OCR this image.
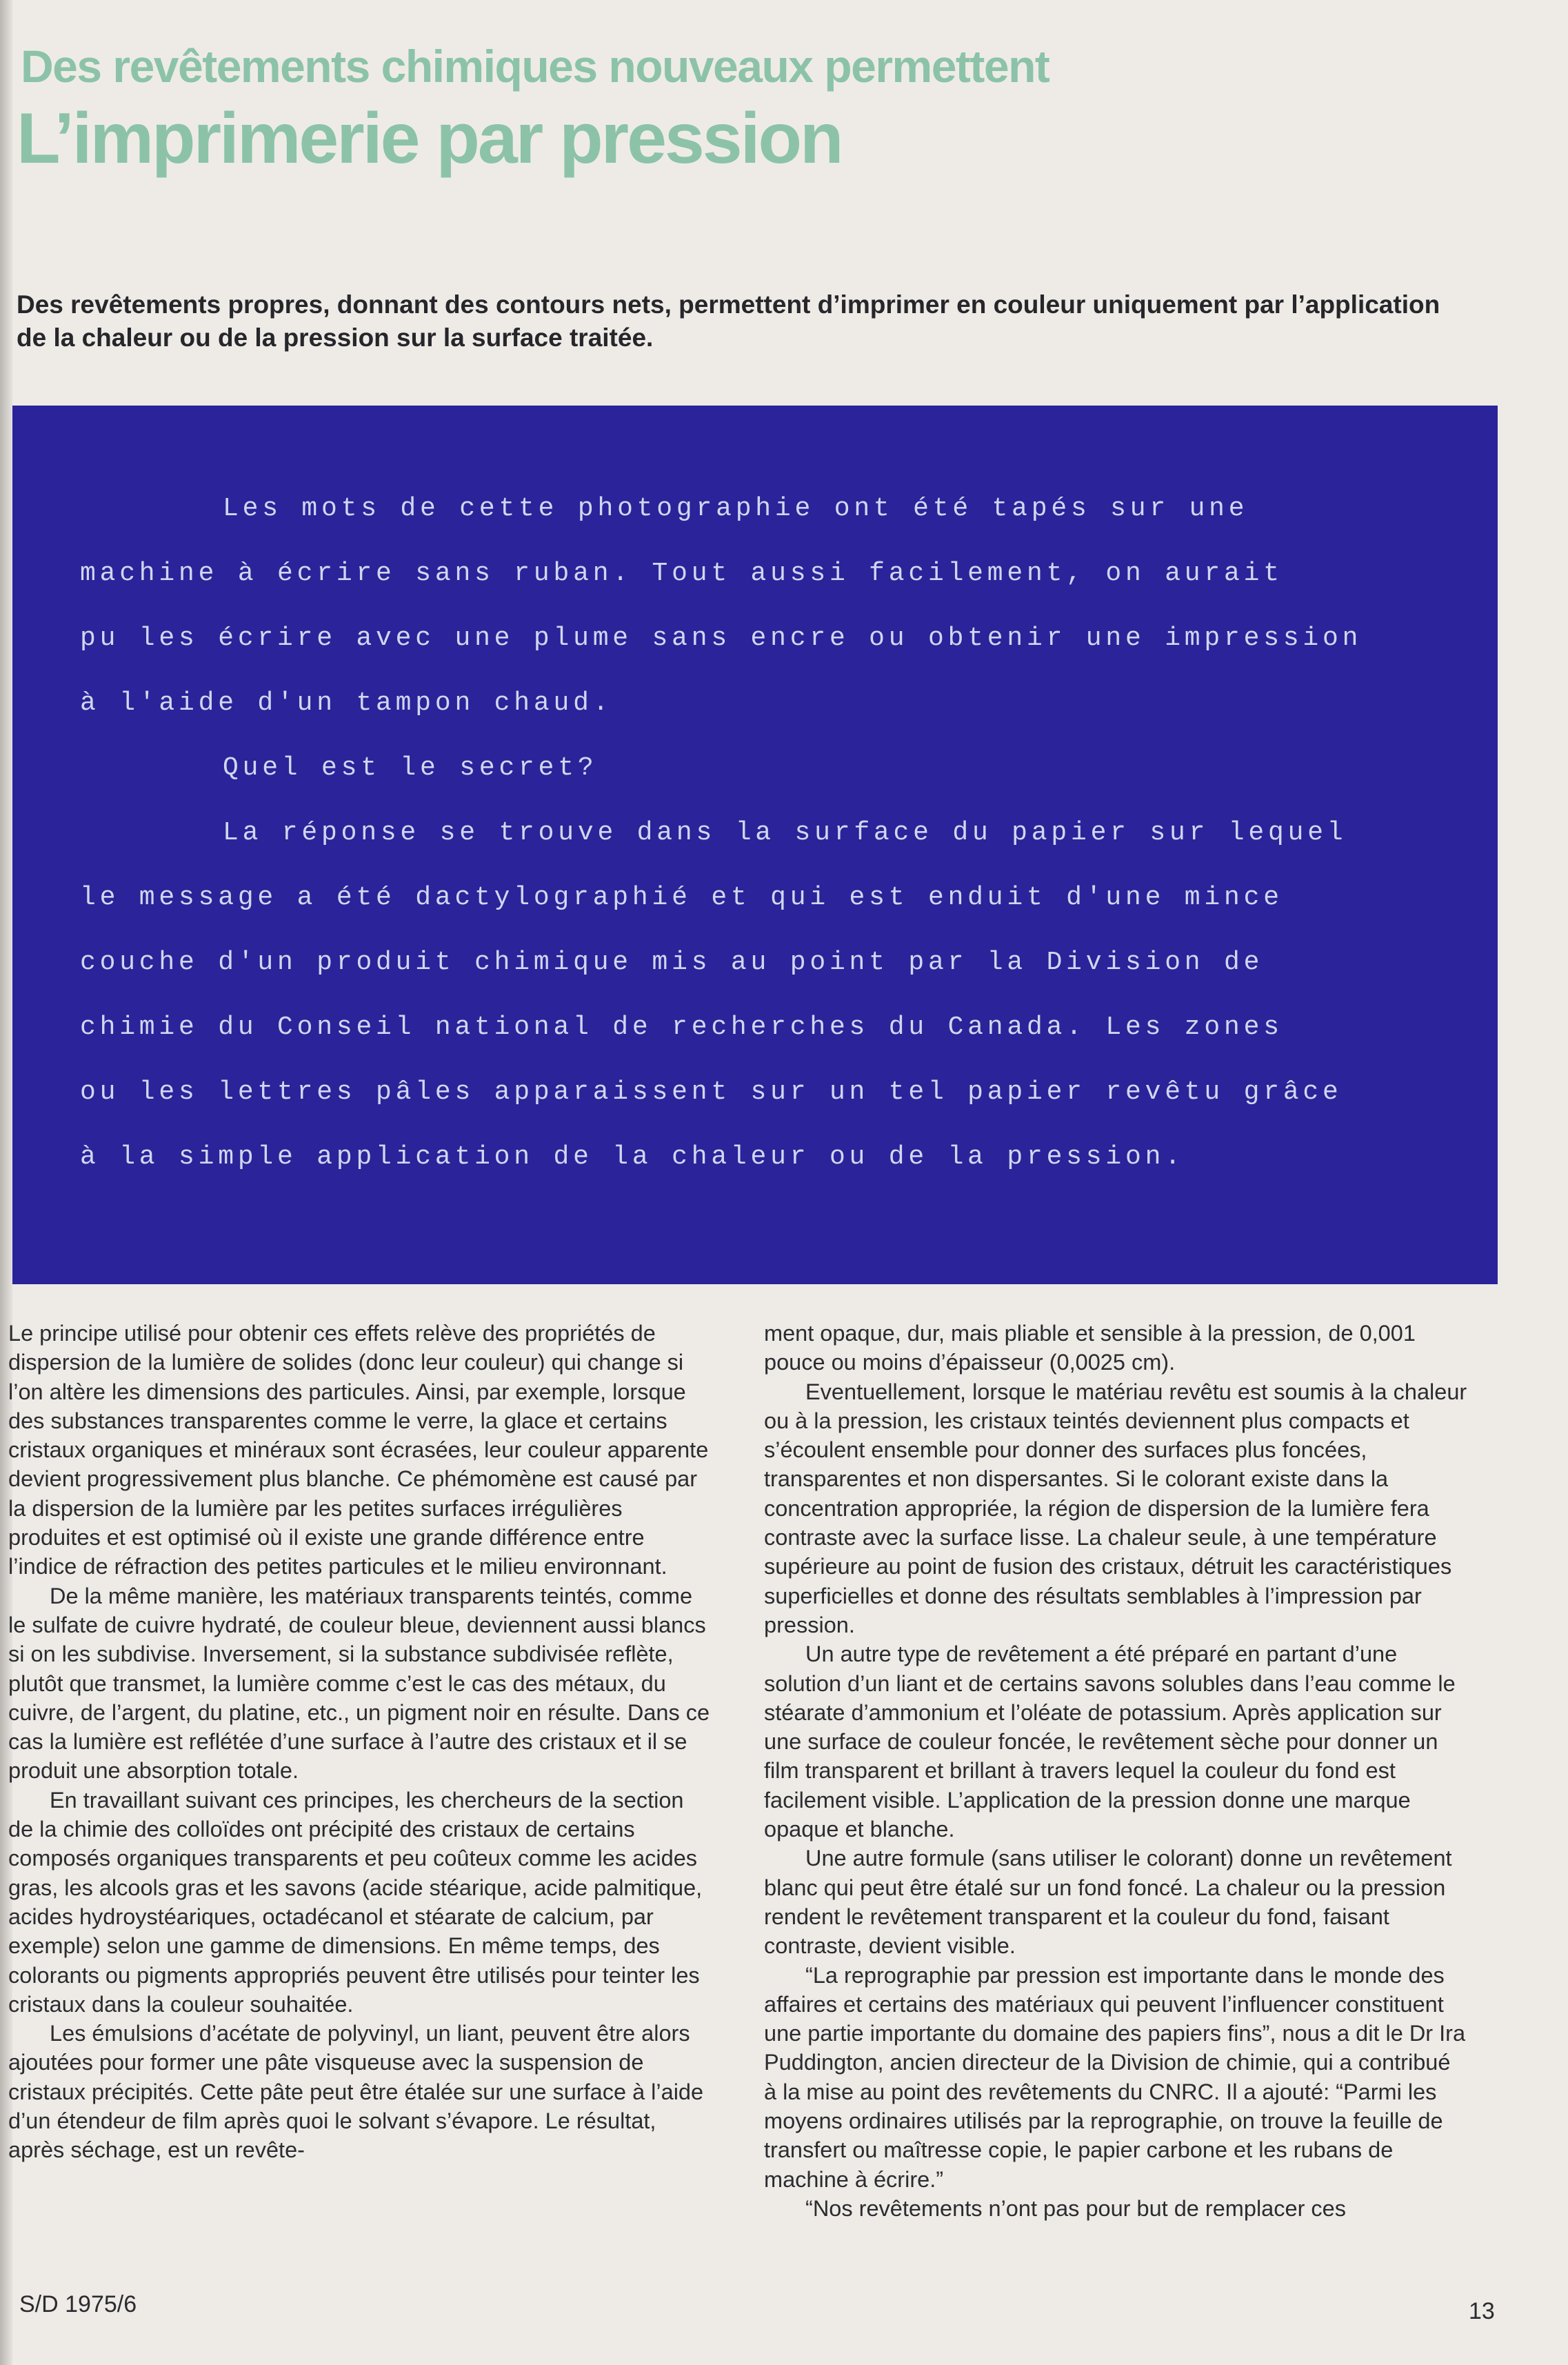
Des revêtements chimiques nouveaux permettent
L’imprimerie par pression

Des revêtements propres, donnant des contours nets, permettent d’imprimer en couleur uniquement par l’application de la chaleur ou de la pression sur la surface traitée.

Les mots de cette photographie ont été tapés sur une
machine à écrire sans ruban. Tout aussi facilement, on aurait
pu les écrire avec une plume sans encre ou obtenir une impression
à l'aide d'un tampon chaud.
Quel est le secret?
La réponse se trouve dans la surface du papier sur lequel
le message a été dactylographié et qui est enduit d'une mince
couche d'un produit chimique mis au point par la Division de
chimie du Conseil national de recherches du Canada. Les zones
ou les lettres pâles apparaissent sur un tel papier revêtu grâce
à la simple application de la chaleur ou de la pression.

Le principe utilisé pour obtenir ces effets relève des propriétés de dispersion de la lumière de solides (donc leur couleur) qui change si l’on altère les dimensions des particules. Ainsi, par exemple, lorsque des substances transparentes comme le verre, la glace et certains cristaux organiques et minéraux sont écrasées, leur couleur apparente devient progressivement plus blanche. Ce phémomène est causé par la dispersion de la lumière par les petites surfaces irrégulières produites et est optimisé où il existe une grande différence entre l’indice de réfraction des petites particules et le milieu environnant.

De la même manière, les matériaux transparents teintés, comme le sulfate de cuivre hydraté, de couleur bleue, deviennent aussi blancs si on les subdivise. Inversement, si la substance subdivisée reflète, plutôt que transmet, la lumière comme c’est le cas des métaux, du cuivre, de l’argent, du platine, etc., un pigment noir en résulte. Dans ce cas la lumière est reflétée d’une surface à l’autre des cristaux et il se produit une absorption totale.

En travaillant suivant ces principes, les chercheurs de la section de la chimie des colloïdes ont précipité des cristaux de certains composés organiques transparents et peu coûteux comme les acides gras, les alcools gras et les savons (acide stéarique, acide palmitique, acides hydroystéariques, octadécanol et stéarate de calcium, par exemple) selon une gamme de dimensions. En même temps, des colorants ou pigments appropriés peuvent être utilisés pour teinter les cristaux dans la couleur souhaitée.

Les émulsions d’acétate de polyvinyl, un liant, peuvent être alors ajoutées pour former une pâte visqueuse avec la suspension de cristaux précipités. Cette pâte peut être étalée sur une surface à l’aide d’un étendeur de film après quoi le solvant s’évapore. Le résultat, après séchage, est un revête-

ment opaque, dur, mais pliable et sensible à la pression, de 0,001 pouce ou moins d’épaisseur (0,0025 cm).

Eventuellement, lorsque le matériau revêtu est soumis à la chaleur ou à la pression, les cristaux teintés deviennent plus compacts et s’écoulent ensemble pour donner des surfaces plus foncées, transparentes et non dispersantes. Si le colorant existe dans la concentration appropriée, la région de dispersion de la lumière fera contraste avec la surface lisse. La chaleur seule, à une température supérieure au point de fusion des cristaux, détruit les caractéristiques superficielles et donne des résultats semblables à l’impression par pression.

Un autre type de revêtement a été préparé en partant d’une solution d’un liant et de certains savons solubles dans l’eau comme le stéarate d’ammonium et l’oléate de potassium. Après application sur une surface de couleur foncée, le revêtement sèche pour donner un film transparent et brillant à travers lequel la couleur du fond est facilement visible. L’application de la pression donne une marque opaque et blanche.

Une autre formule (sans utiliser le colorant) donne un revêtement blanc qui peut être étalé sur un fond foncé. La chaleur ou la pression rendent le revêtement transparent et la couleur du fond, faisant contraste, devient visible.

“La reprographie par pression est importante dans le monde des affaires et certains des matériaux qui peuvent l’influencer constituent une partie importante du domaine des papiers fins”, nous a dit le Dr Ira Puddington, ancien directeur de la Division de chimie, qui a contribué à la mise au point des revêtements du CNRC. Il a ajouté: “Parmi les moyens ordinaires utilisés par la reprographie, on trouve la feuille de transfert ou maîtresse copie, le papier carbone et les rubans de machine à écrire.”

“Nos revêtements n’ont pas pour but de remplacer ces

S/D 1975/6	13
